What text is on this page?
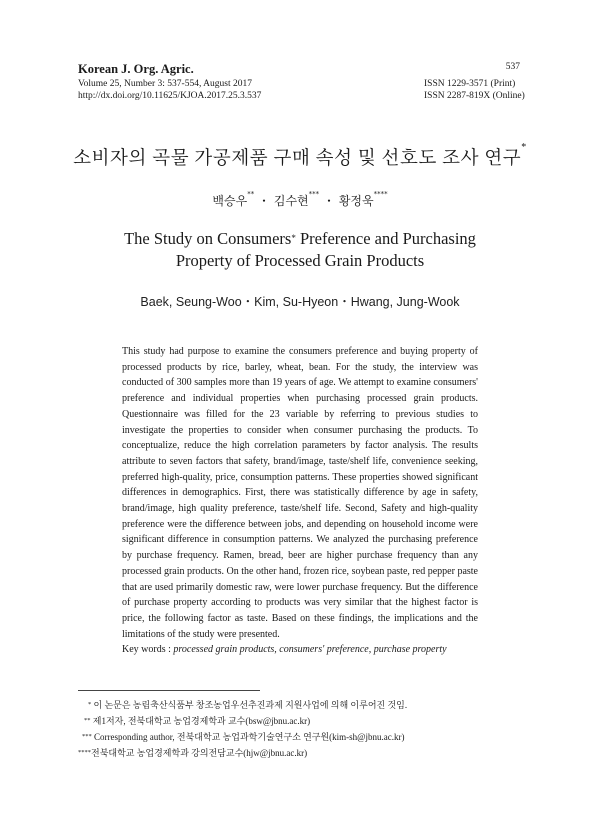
Korean J. Org. Agric.
Volume 25, Number 3: 537-554, August 2017
http://dx.doi.org/10.11625/KJOA.2017.25.3.537
537
ISSN 1229-3571 (Print)
ISSN 2287-819X (Online)
소비자의 곡물 가공제품 구매 속성 및 선호도 조사 연구*
백승우** ・ 김수현*** ・ 황정욱****
The Study on Consumers* Preference and Purchasing
Property of Processed Grain Products
Baek, Seung-Woo・Kim, Su-Hyeon・Hwang, Jung-Wook

This study had purpose to examine the consumers preference and buying property of processed products by rice, barley, wheat, bean. For the study, the interview was conducted of 300 samples more than 19 years of age. We attempt to examine consumers' preference and individual properties when purchasing processed grain products. Questionnaire was filled for the 23 variable by referring to previous studies to investigate the properties to consider when consumer purchasing the products. To conceptualize, reduce the high correlation parameters by factor analysis. The results attribute to seven factors that safety, brand/image, taste/shelf life, convenience seeking, preferred high-quality, price, consumption patterns. These properties showed significant differences in demographics. First, there was statistically difference by age in safety, brand/image, high quality preference, taste/shelf life. Second, Safety and high-quality preference were the difference between jobs, and depending on household income were significant difference in consumption patterns. We analyzed the purchasing preference by purchase frequency. Ramen, bread, beer are higher purchase frequency than any processed grain products. On the other hand, frozen rice, soybean paste, red pepper paste that are used primarily domestic raw, were lower purchase frequency. But the difference of purchase property according to products was very similar that the highest factor is price, the following factor as taste. Based on these findings, the implications and the limitations of the study were presented.

Key words : processed grain products, consumers' preference, purchase property
* 이 논문은 농림축산식품부 창조농업우선추진과제 지원사업에 의해 이루어진 것임.
** 제1저자, 전북대학교 농업경제학과 교수(bsw@jbnu.ac.kr)
*** Corresponding author, 전북대학교 농업과학기술연구소 연구원(kim-sh@jbnu.ac.kr)
****전북대학교 농업경제학과 강의전담교수(hjw@jbnu.ac.kr)
